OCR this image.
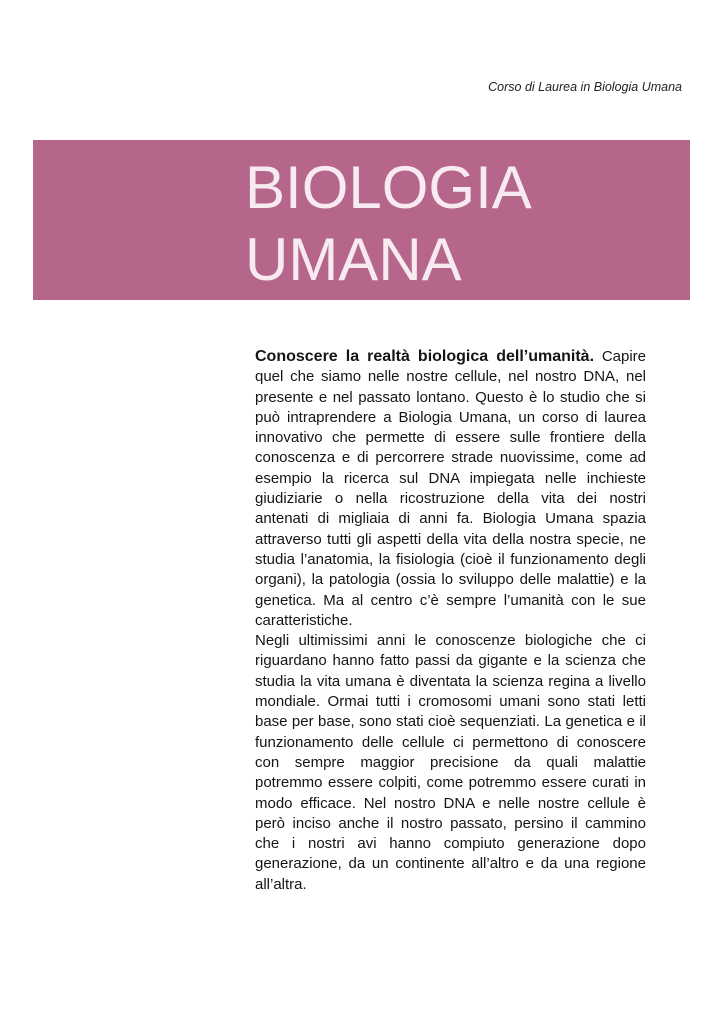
Corso di Laurea in Biologia Umana
BIOLOGIA
UMANA

Conoscere la realtà biologica dell’umanità. Capire quel che siamo nelle nostre cellule, nel nostro DNA, nel presente e nel passato lontano. Questo è lo studio che si può intraprendere a Biologia Umana, un corso di laurea innovativo che permette di essere sulle frontiere della conoscenza e di percorrere strade nuovissime, come ad esempio la ricerca sul DNA impiegata nelle inchieste giudiziarie o nella ricostruzione della vita dei nostri antenati di migliaia di anni fa. Biologia Umana spazia attraverso tutti gli aspetti della vita della nostra specie, ne studia l’anatomia, la fisiologia (cioè il funzionamento degli organi), la patologia (ossia lo sviluppo delle malattie) e la genetica. Ma al centro c’è sempre l’umanità con le sue caratteristiche.

Negli ultimissimi anni le conoscenze biologiche che ci riguardano hanno fatto passi da gigante e la scienza che studia la vita umana è diventata la scienza regina a livello mondiale. Ormai tutti i cromosomi umani sono stati letti base per base, sono stati cioè sequenziati. La genetica e il funzionamento delle cellule ci permettono di conoscere con sempre maggior precisione da quali malattie potremmo essere colpiti, come potremmo essere curati in modo efficace. Nel nostro DNA e nelle nostre cellule è però inciso anche il nostro passato, persino il cammino che i nostri avi hanno compiuto generazione dopo generazione, da un continente all’altro e da una regione all’altra.
